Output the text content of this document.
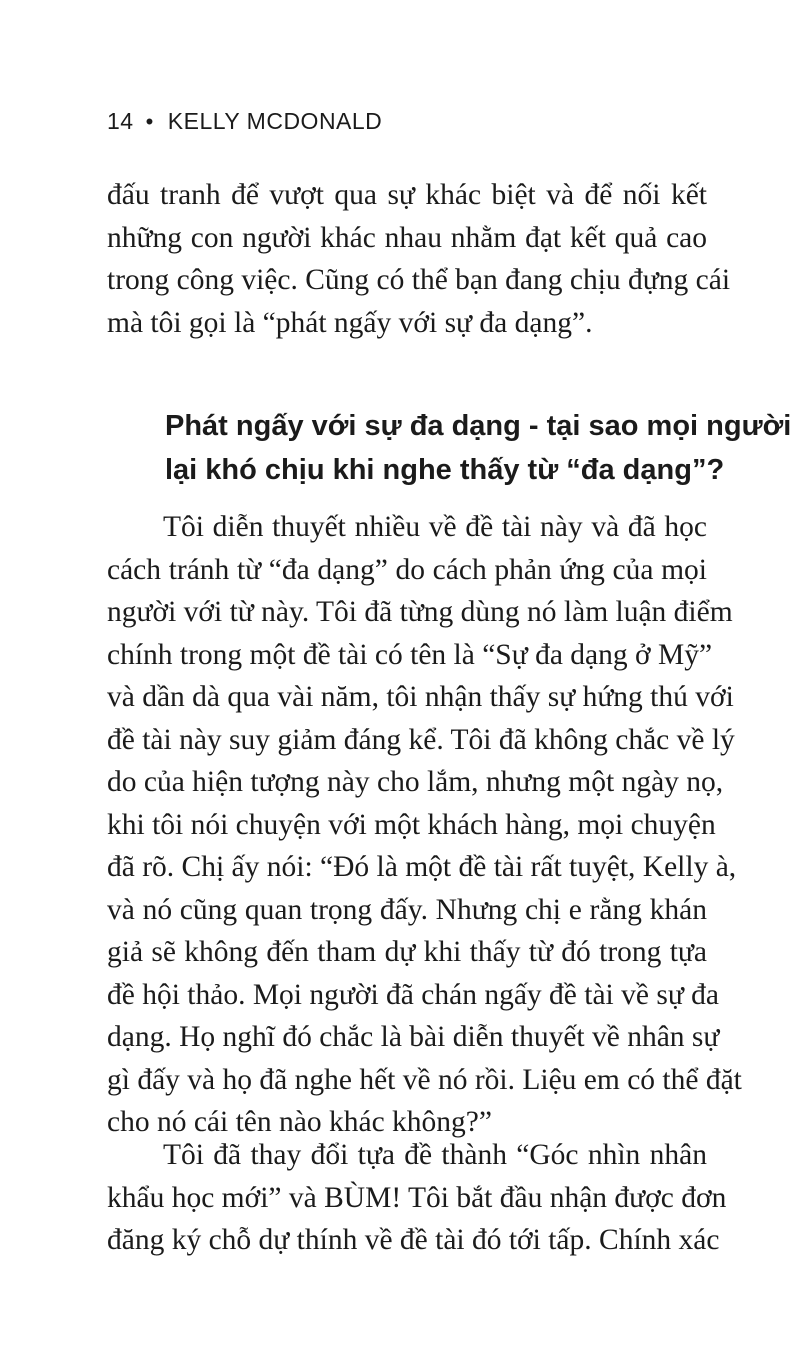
14 • KELLY MCDONALD
đấu tranh để vượt qua sự khác biệt và để nối kết
những con người khác nhau nhằm đạt kết quả cao
trong công việc. Cũng có thể bạn đang chịu đựng cái
mà tôi gọi là “phát ngấy với sự đa dạng”.
Phát ngấy với sự đa dạng - tại sao mọi người
lại khó chịu khi nghe thấy từ “đa dạng”?
Tôi diễn thuyết nhiều về đề tài này và đã học
cách tránh từ “đa dạng” do cách phản ứng của mọi
người với từ này. Tôi đã từng dùng nó làm luận điểm
chính trong một đề tài có tên là “Sự đa dạng ở Mỹ”
và dần dà qua vài năm, tôi nhận thấy sự hứng thú với
đề tài này suy giảm đáng kể. Tôi đã không chắc về lý
do của hiện tượng này cho lắm, nhưng một ngày nọ,
khi tôi nói chuyện với một khách hàng, mọi chuyện
đã rõ. Chị ấy nói: “Đó là một đề tài rất tuyệt, Kelly à,
và nó cũng quan trọng đấy. Nhưng chị e rằng khán
giả sẽ không đến tham dự khi thấy từ đó trong tựa
đề hội thảo. Mọi người đã chán ngấy đề tài về sự đa
dạng. Họ nghĩ đó chắc là bài diễn thuyết về nhân sự
gì đấy và họ đã nghe hết về nó rồi. Liệu em có thể đặt
cho nó cái tên nào khác không?”
Tôi đã thay đổi tựa đề thành “Góc nhìn nhân
khẩu học mới” và BÙM! Tôi bắt đầu nhận được đơn
đăng ký chỗ dự thính về đề tài đó tới tấp. Chính xác
